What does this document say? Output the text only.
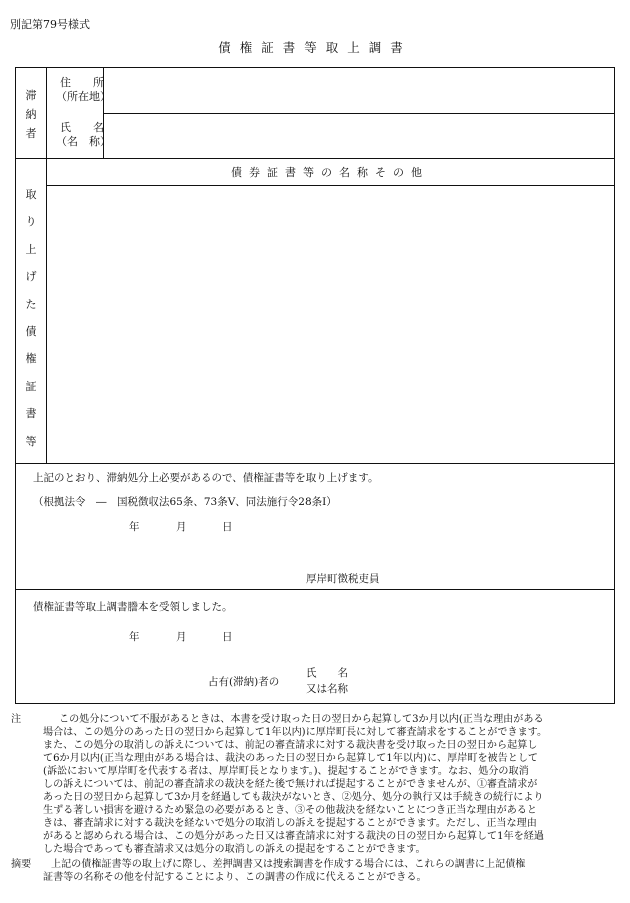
別記第79号様式
債権証書等取上調書
滞
納
者
住　　所
（所在地）
氏　　名
（名　称）
取
り
上
げ
た
債
権
証
書
等
債券証書等の名称その他
上記のとおり、滞納処分上必要があるので、債権証書等を取り上げます。
（根拠法令　―　国税徴収法65条、73条Ⅴ、同法施行令28条Ⅰ）
年	月	日
厚岸町徴税吏員
債権証書等取上調書謄本を受領しました。
年	月	日
占有(滞納)者の
氏　　名
又は名称
注	この処分について不服があるときは、本書を受け取った日の翌日から起算して3か月以内(正当な理由がある
場合は、この処分のあった日の翌日から起算して1年以内)に厚岸町長に対して審査請求をすることができます。
また、この処分の取消しの訴えについては、前記の審査請求に対する裁決書を受け取った日の翌日から起算し
て6か月以内(正当な理由がある場合は、裁決のあった日の翌日から起算して1年以内)に、厚岸町を被告として
(訴訟において厚岸町を代表する者は、厚岸町長となります。)、提起することができます。なお、処分の取消
しの訴えについては、前記の審査請求の裁決を経た後で無ければ提起することができませんが、①審査請求が
あった日の翌日から起算して3か月を経過しても裁決がないとき、②処分、処分の執行又は手続きの続行により
生ずる著しい損害を避けるため緊急の必要があるとき、③その他裁決を経ないことにつき正当な理由があると
きは、審査請求に対する裁決を経ないで処分の取消しの訴えを提起することができます。ただし、正当な理由
があると認められる場合は、この処分があった日又は審査請求に対する裁決の日の翌日から起算して1年を経過
した場合であっても審査請求又は処分の取消しの訴えの提起をすることができます。
摘要	上記の債権証書等の取上げに際し、差押調書又は捜索調書を作成する場合には、これらの調書に上記債権
証書等の名称その他を付記することにより、この調書の作成に代えることができる。
